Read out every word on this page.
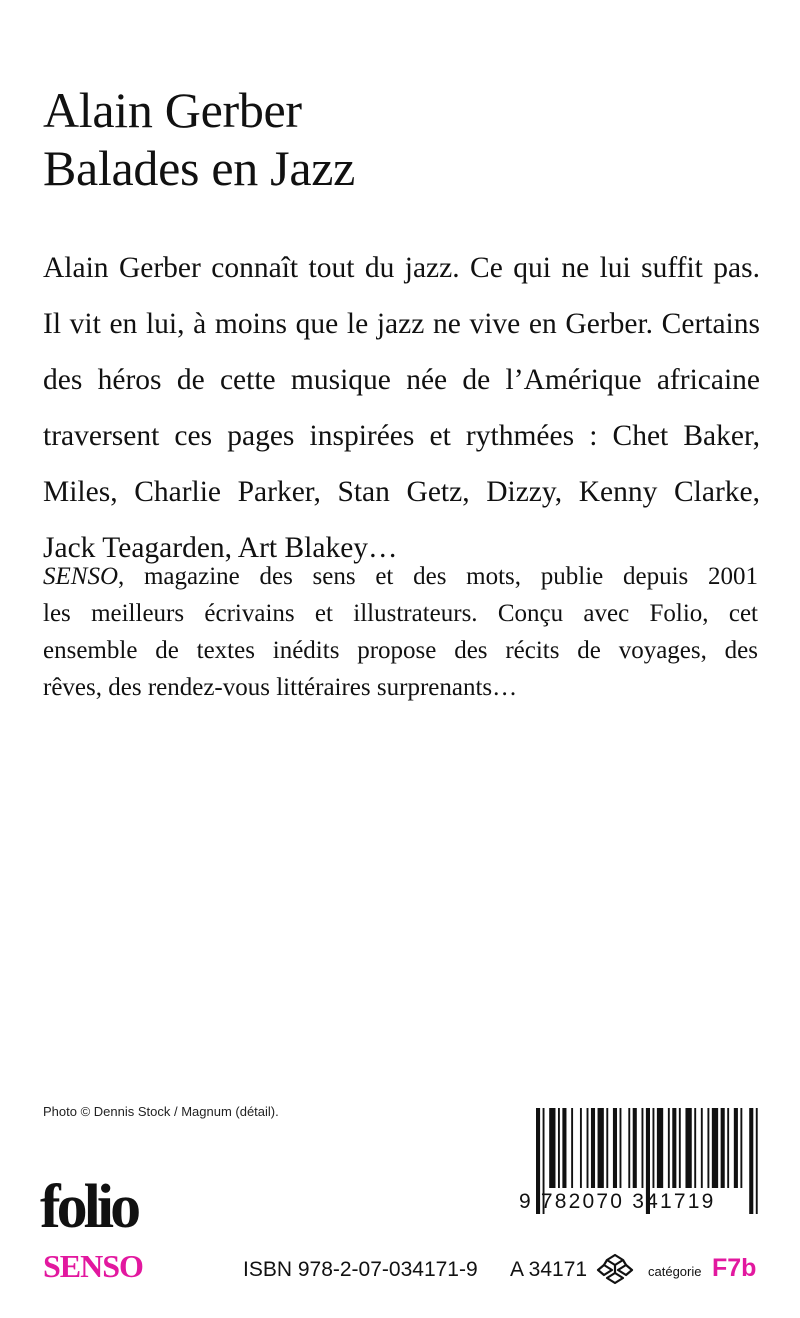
Alain Gerber
Balades en Jazz
Alain Gerber connaît tout du jazz. Ce qui ne lui suffit pas.
Il vit en lui, à moins que le jazz ne vive en Gerber. Certains
des héros de cette musique née de l’Amérique africaine
traversent ces pages inspirées et rythmées : Chet Baker,
Miles, Charlie Parker, Stan Getz, Dizzy, Kenny Clarke,
Jack Teagarden, Art Blakey…
SENSO, magazine des sens et des mots, publie depuis 2001
les meilleurs écrivains et illustrateurs. Conçu avec Folio, cet
ensemble de textes inédits propose des récits de voyages, des
rêves, des rendez-vous littéraires surprenants…
Photo © Dennis Stock / Magnum (détail).
folio
SENSO
9 782070 341719
ISBN 978-2-07-034171-9 A 34171	catégorie F7b
